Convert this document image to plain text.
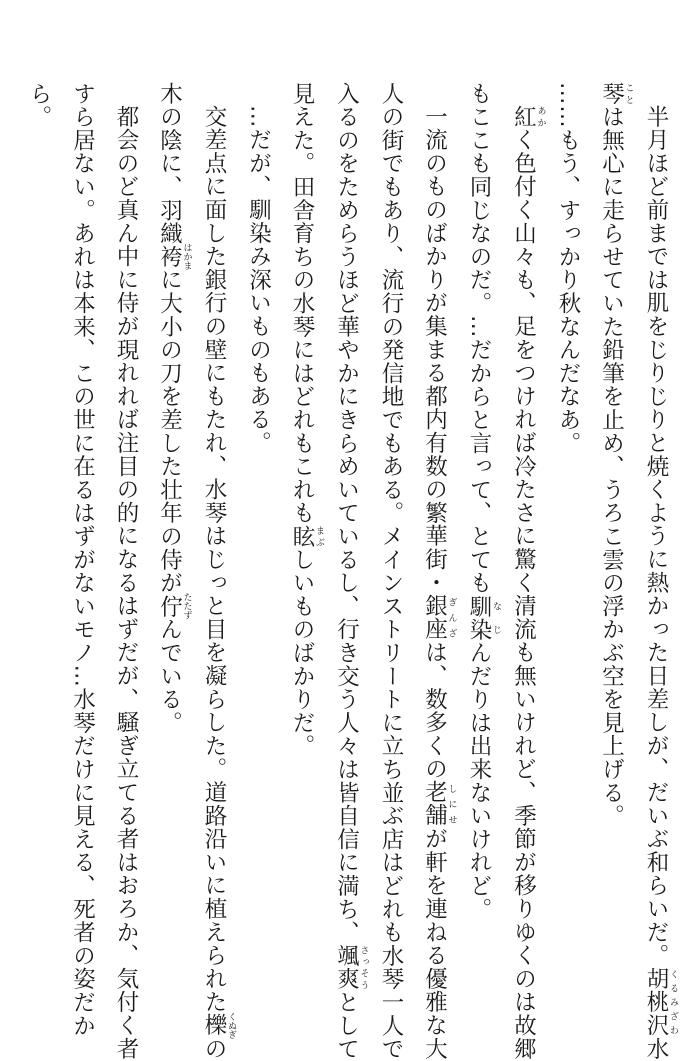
半月ほど前までは肌をじりじりと焼くように熱かった日差しが、だいぶ和らいだ。胡桃沢 くるみざわ水

琴 ことは無心に走らせていた鉛筆を止め、うろこ雲の浮かぶ空を見上げる。

……もう、すっかり秋なんだなあ。

紅 あかく色付く山々も、足をつければ冷たさに驚く清流も無いけれど、季節が移りゆくのは故郷

もここも同じなのだ。…だからと言って、とても馴染 なじんだりは出来ないけれど。

一流のものばかりが集まる都内有数の繁華街・銀座 ぎんざは、数多くの老舗 しにせが軒を連ねる優雅な大

人の街でもあり、流行の発信地でもある。メインストリートに立ち並ぶ店はどれも水琴一人で

入るのをためらうほど華やかにきらめいているし、行き交う人々は皆自信に満ち、颯爽 さっそうとして

見えた。田舎育ちの水琴にはどれもこれも眩 まぶしいものばかりだ。

…だが、馴染み深いものもある。

交差点に面した銀行の壁にもたれ、水琴はじっと目を凝らした。道路沿いに植えられた櫟 くぬぎの

木の陰に、羽織袴 はかまに大小の刀を差した壮年の侍が佇 たたずんでいる。

都会のど真ん中に侍が現れれば注目の的になるはずだが、騒ぎ立てる者はおろか、気付く者

すら居ない。あれは本来、この世に在るはずがないモノ…水琴だけに見える、死者の姿だか

ら。
